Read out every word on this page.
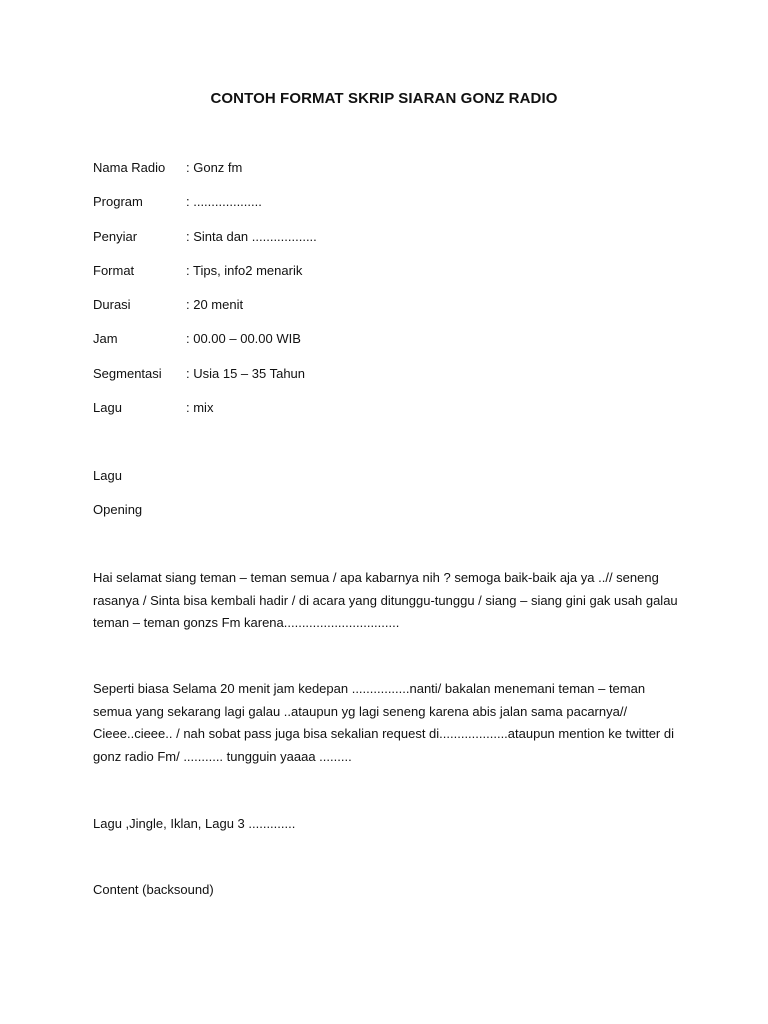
CONTOH FORMAT SKRIP SIARAN GONZ RADIO
Nama Radio	: Gonz fm
Program	: ...................
Penyiar	: Sinta dan ..................
Format	: Tips, info2 menarik
Durasi	: 20 menit
Jam	: 00.00 – 00.00 WIB
Segmentasi	: Usia 15 – 35 Tahun
Lagu	: mix
Lagu
Opening
Hai selamat siang teman – teman semua / apa kabarnya nih ? semoga baik-baik aja ya ..// seneng
rasanya / Sinta bisa kembali hadir / di acara yang ditunggu-tunggu / siang – siang gini gak usah galau
teman – teman gonzs Fm karena................................
Seperti biasa Selama 20 menit jam kedepan ................nanti/ bakalan menemani teman – teman
semua yang sekarang lagi galau ..ataupun yg lagi seneng karena abis jalan sama pacarnya//
Cieee..cieee.. / nah sobat pass juga bisa sekalian request di...................ataupun mention ke twitter di
gonz radio Fm/ ........... tungguin yaaaa .........
Lagu ,Jingle, Iklan, Lagu 3 .............
Content (backsound)
